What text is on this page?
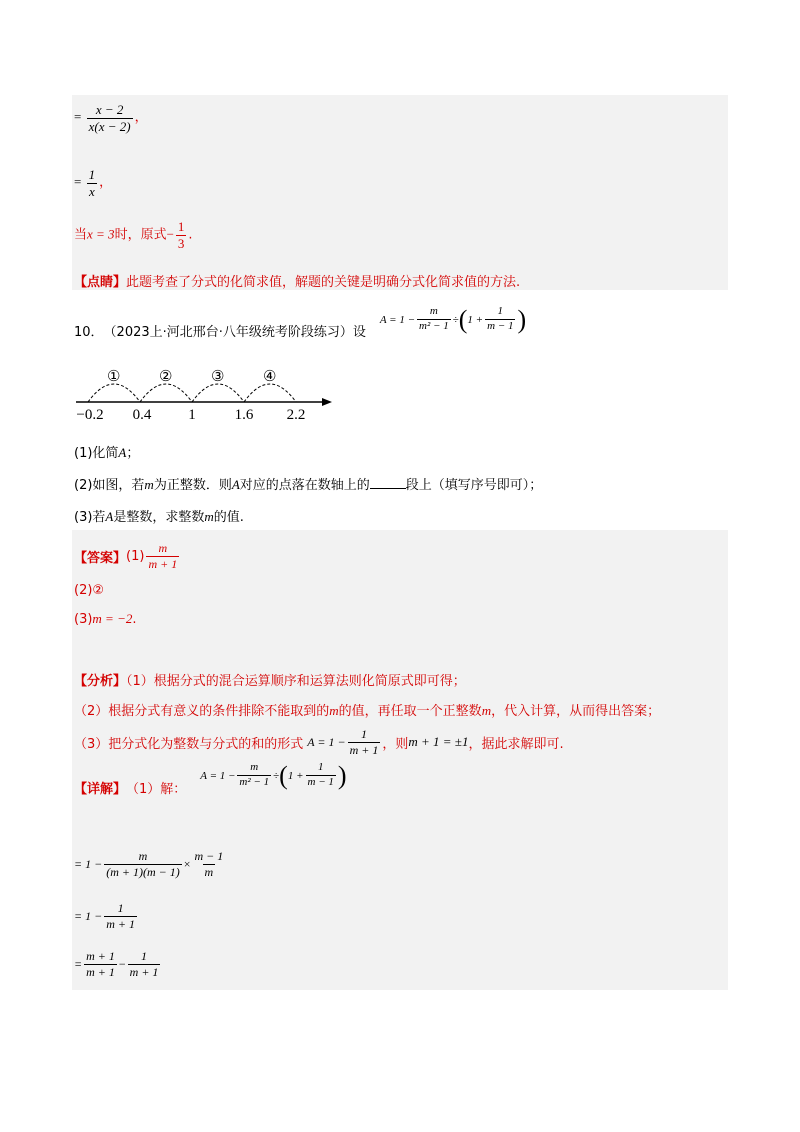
= $\frac{x - 2}{x(x - 2)}$ ，
= $\frac{1}{x}$ ，
当x = 3时，原式− $\frac{1}{3}$ .
【点睛】此题考查了分式的化简求值，解题的关键是明确分式化简求值的方法.
10． （2023上·河北邢台·八年级统考阶段练习）设
$A = 1 - \frac{m}{\text{m² − 1}}$ ÷ ( $1 + \frac{1}{m - 1}$ )
①	②	③	④
−0.2 0.4 1	1.6 2.2
(1)化简A；
(2)如图，若m为正整数．则A对应的点落在数轴上的	段上（填写序号即可）；
(3)若A是整数，求整数m的值.
【答案】 $(1) \frac{m}{m + 1}$
(2)②
(3)m = −2.
【分析】（1）根据分式的混合运算顺序和运算法则化简原式即可得；
（2）根据分式有意义的条件排除不能取到的m的值，再任取一个正整数m，代入计算，从而得出答案；
（3）把分式化为整数与分式的和的形式 $A = 1 - \frac{1}{m + 1}$ ，则 m + 1 = ±1 ，据此求解即可.
【详解】 （1）解：
$A = 1 - \frac{m}{\text{m² − 1}}$ ÷ ( $1 + \frac{1}{m - 1}$ )
= $1 - \frac{m}{(m + 1)(m - 1)} \times \frac{m - 1}{m}$
= $1 - \frac{1}{m + 1}$
= $\frac{m + 1}{m + 1} - \frac{1}{m + 1}$
